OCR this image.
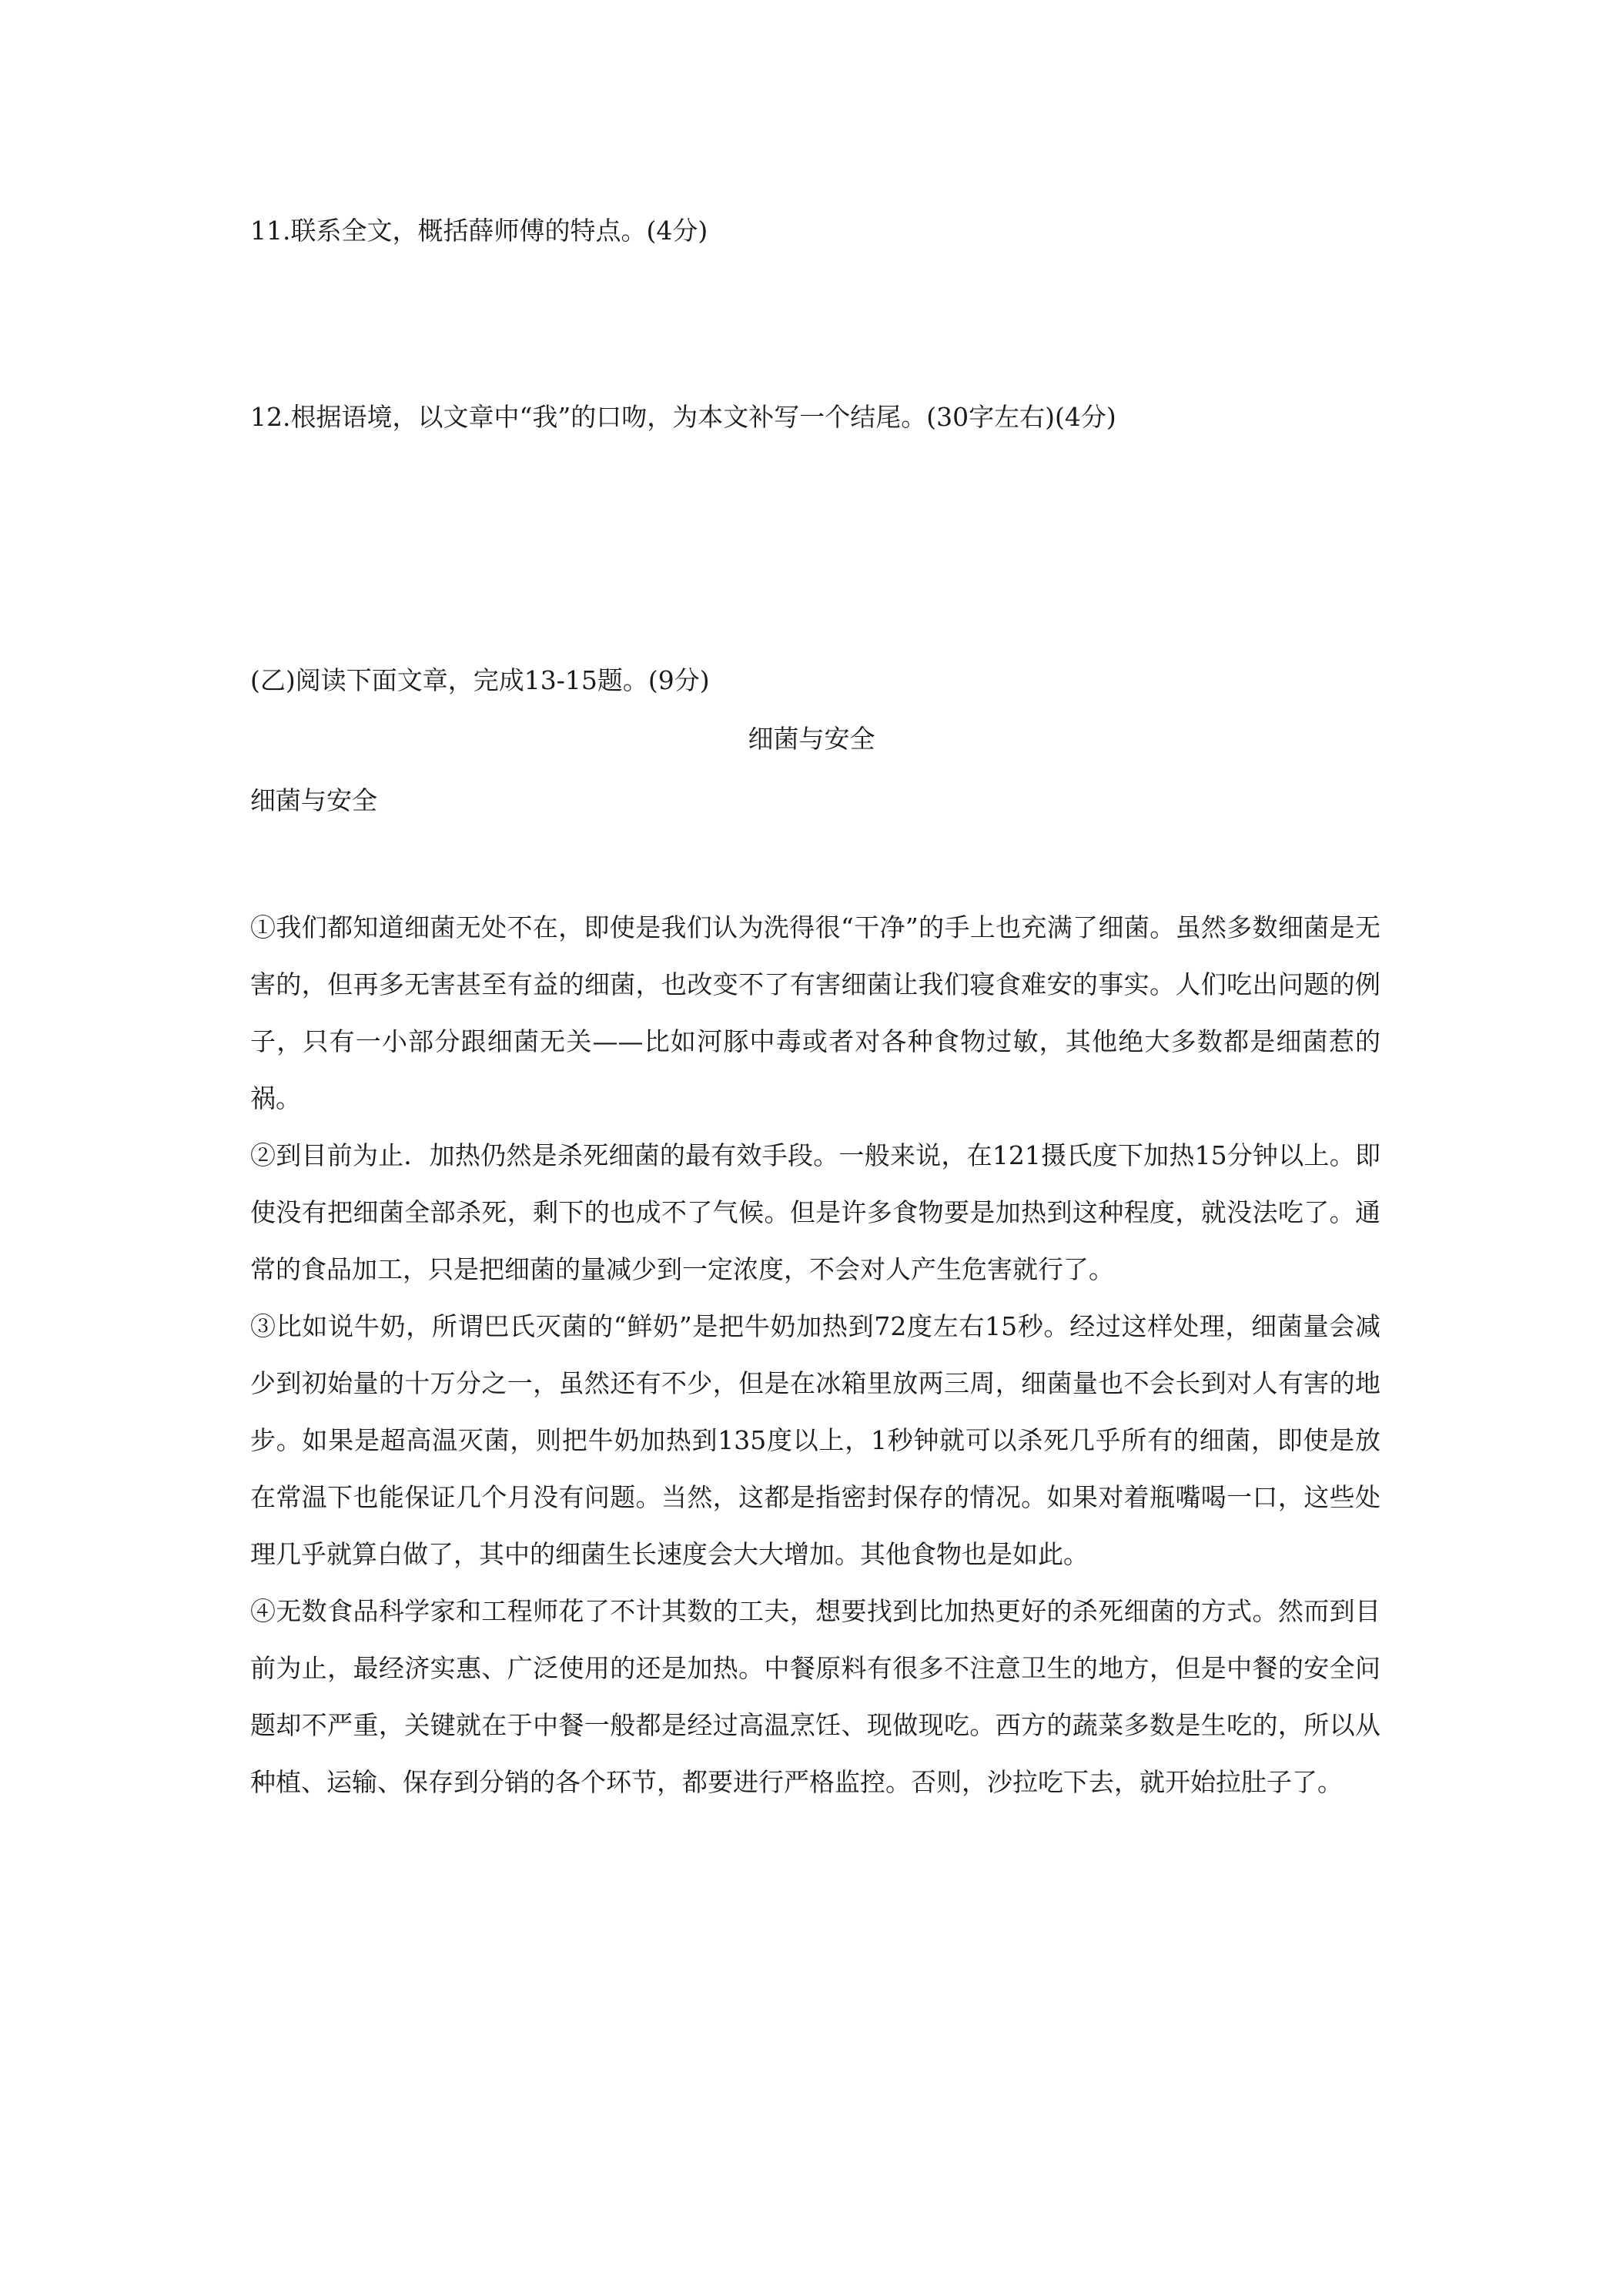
11.联系全文，概括薛师傅的特点。(4分)
12.根据语境，以文章中“我”的口吻，为本文补写一个结尾。(30字左右)(4分)
(乙)阅读下面文章，完成13-15题。(9分)
细菌与安全
细菌与安全

①我们都知道细菌无处不在，即使是我们认为洗得很“干净”的手上也充满了细菌。虽然多数细菌是无害的，但再多无害甚至有益的细菌，也改变不了有害细菌让我们寝食难安的事实。人们吃出问题的例子，只有一小部分跟细菌无关——比如河豚中毒或者对各种食物过敏，其他绝大多数都是细菌惹的祸。

②到目前为止．加热仍然是杀死细菌的最有效手段。一般来说，在121摄氏度下加热15分钟以上。即使没有把细菌全部杀死，剩下的也成不了气候。但是许多食物要是加热到这种程度，就没法吃了。通常的食品加工，只是把细菌的量减少到一定浓度，不会对人产生危害就行了。

③比如说牛奶，所谓巴氏灭菌的“鲜奶”是把牛奶加热到72度左右15秒。经过这样处理，细菌量会减少到初始量的十万分之一，虽然还有不少，但是在冰箱里放两三周，细菌量也不会长到对人有害的地步。如果是超高温灭菌，则把牛奶加热到135度以上，1秒钟就可以杀死几乎所有的细菌，即使是放在常温下也能保证几个月没有问题。当然，这都是指密封保存的情况。如果对着瓶嘴喝一口，这些处理几乎就算白做了，其中的细菌生长速度会大大增加。其他食物也是如此。

④无数食品科学家和工程师花了不计其数的工夫，想要找到比加热更好的杀死细菌的方式。然而到目前为止，最经济实惠、广泛使用的还是加热。中餐原料有很多不注意卫生的地方，但是中餐的安全问题却不严重，关键就在于中餐一般都是经过高温烹饪、现做现吃。西方的蔬菜多数是生吃的，所以从种植、运输、保存到分销的各个环节，都要进行严格监控。否则，沙拉吃下去，就开始拉肚子了。
